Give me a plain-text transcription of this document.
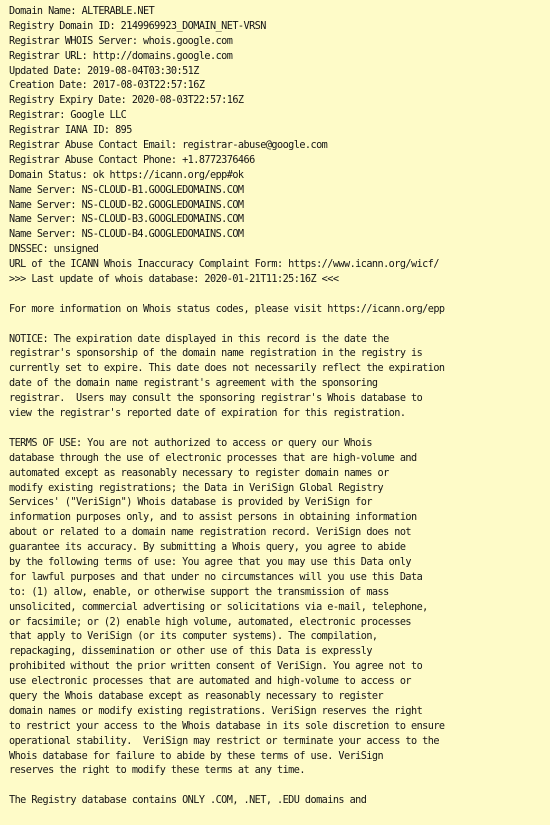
Domain Name: ALTERABLE.NET
Registry Domain ID: 2149969923_DOMAIN_NET-VRSN
Registrar WHOIS Server: whois.google.com
Registrar URL: http://domains.google.com
Updated Date: 2019-08-04T03:30:51Z
Creation Date: 2017-08-03T22:57:16Z
Registry Expiry Date: 2020-08-03T22:57:16Z
Registrar: Google LLC
Registrar IANA ID: 895
Registrar Abuse Contact Email: registrar-abuse@google.com
Registrar Abuse Contact Phone: +1.8772376466
Domain Status: ok https://icann.org/epp#ok
Name Server: NS-CLOUD-B1.GOOGLEDOMAINS.COM
Name Server: NS-CLOUD-B2.GOOGLEDOMAINS.COM
Name Server: NS-CLOUD-B3.GOOGLEDOMAINS.COM
Name Server: NS-CLOUD-B4.GOOGLEDOMAINS.COM
DNSSEC: unsigned
URL of the ICANN Whois Inaccuracy Complaint Form: https://www.icann.org/wicf/
>>> Last update of whois database: 2020-01-21T11:25:16Z <<<
For more information on Whois status codes, please visit https://icann.org/epp
NOTICE: The expiration date displayed in this record is the date the
registrar's sponsorship of the domain name registration in the registry is
currently set to expire. This date does not necessarily reflect the expiration
date of the domain name registrant's agreement with the sponsoring
registrar.  Users may consult the sponsoring registrar's Whois database to
view the registrar's reported date of expiration for this registration.
TERMS OF USE: You are not authorized to access or query our Whois
database through the use of electronic processes that are high-volume and
automated except as reasonably necessary to register domain names or
modify existing registrations; the Data in VeriSign Global Registry
Services' ("VeriSign") Whois database is provided by VeriSign for
information purposes only, and to assist persons in obtaining information
about or related to a domain name registration record. VeriSign does not
guarantee its accuracy. By submitting a Whois query, you agree to abide
by the following terms of use: You agree that you may use this Data only
for lawful purposes and that under no circumstances will you use this Data
to: (1) allow, enable, or otherwise support the transmission of mass
unsolicited, commercial advertising or solicitations via e-mail, telephone,
or facsimile; or (2) enable high volume, automated, electronic processes
that apply to VeriSign (or its computer systems). The compilation,
repackaging, dissemination or other use of this Data is expressly
prohibited without the prior written consent of VeriSign. You agree not to
use electronic processes that are automated and high-volume to access or
query the Whois database except as reasonably necessary to register
domain names or modify existing registrations. VeriSign reserves the right
to restrict your access to the Whois database in its sole discretion to ensure
operational stability.  VeriSign may restrict or terminate your access to the
Whois database for failure to abide by these terms of use. VeriSign
reserves the right to modify these terms at any time.
The Registry database contains ONLY .COM, .NET, .EDU domains and
